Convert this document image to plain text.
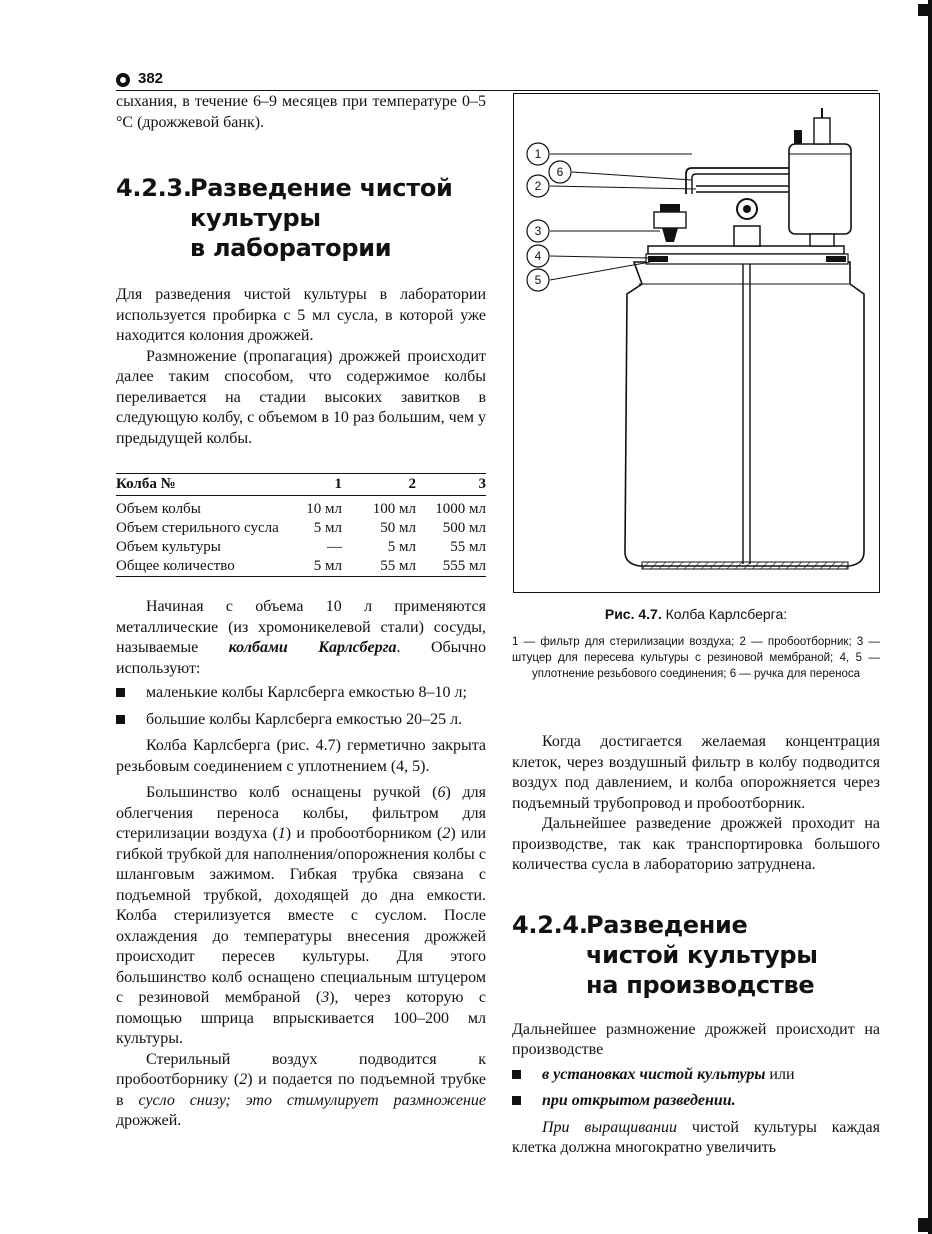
382

сыхания, в течение 6–9 месяцев при температуре 0–5 °С (дрожжевой банк).

4.2.3.
Разведение чистой
культуры
в лаборатории

Для разведения чистой культуры в лаборатории используется пробирка с 5 мл сусла, в которой уже находится колония дрожжей.

Размножение (пропагация) дрожжей происходит далее таким способом, что содержимое колбы переливается на стадии высоких завитков в следующую колбу, с объемом в 10 раз большим, чем у предыдущей колбы.

Колба №	1	2	3
Объем колбы	10 мл	100 мл	1000 мл
Объем стерильного сусла	5 мл	50 мл	500 мл
Объем культуры	—	5 мл	55 мл
Общее количество	5 мл	55 мл	555 мл

Начиная с объема 10 л применяются металлические (из хромоникелевой стали) сосуды, называемые колбами Карлсберга. Обычно используют:

маленькие колбы Карлсберга емкостью 8–10 л;
большие колбы Карлсберга емкостью 20–25 л.

Колба Карлсберга (рис. 4.7) герметично закрыта резьбовым соединением с уплотнением (4, 5).

Большинство колб оснащены ручкой (6) для облегчения переноса колбы, фильтром для стерилизации воздуха (1) и пробоотборником (2) или гибкой трубкой для наполнения/опорожнения колбы с шланговым зажимом. Гибкая трубка связана с подъемной трубкой, доходящей до дна емкости. Колба стерилизуется вместе с суслом. После охлаждения до температуры внесения дрожжей происходит пересев культуры. Для этого большинство колб оснащено специальным штуцером с резиновой мембраной (3), через которую с помощью шприца впрыскивается 100–200 мл культуры.

Стерильный воздух подводится к пробоотборнику (2) и подается по подъемной трубке в сусло снизу; это стимулирует размножение дрожжей.

1
6
2
3
4
5
Рис. 4.7. Колба Карлсберга:
1 — фильтр для стерилизации воздуха; 2 — пробоотборник; 3 — штуцер для пересева культуры с резиновой мембраной; 4, 5 — уплотнение резьбового соединения; 6 — ручка для переноса

Когда достигается желаемая концентрация клеток, через воздушный фильтр в колбу подводится воздух под давлением, и колба опорожняется через подъемный трубопровод и пробоотборник.

Дальнейшее разведение дрожжей проходит на производстве, так как транспортировка большого количества сусла в лабораторию затруднена.

4.2.4.
Разведение
чистой культуры
на производстве

Дальнейшее размножение дрожжей происходит на производстве

в установках чистой культуры или
при открытом разведении.

При выращивании чистой культуры каждая клетка должна многократно увеличить
